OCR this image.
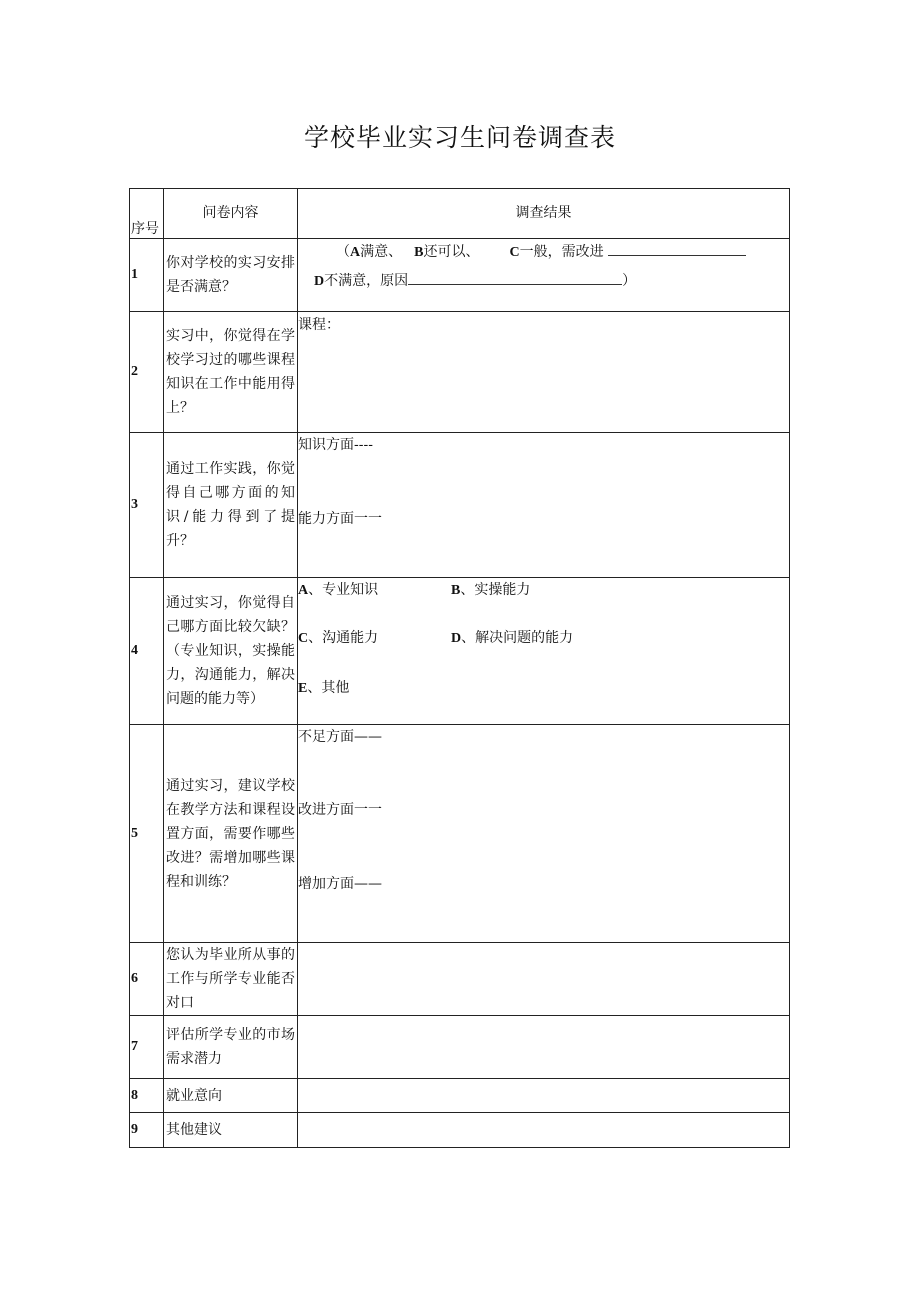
学校毕业实习生问卷调查表
序号	问卷内容	调查结果
1	你对学校的实习安排是否满意？	（A满意、 B还可以、 C一般，需改进
D不满意，原因 ）

2	实习中，你觉得在学校学习过的哪些课程知识在工作中能用得上？	课程：

3	通过工作实践，你觉得自己哪方面的知识/能力得到了提升？	知识方面----
能力方面一一

4	通过实习，你觉得自己哪方面比较欠缺？（专业知识，实操能力，沟通能力，解决问题的能力等）	A、专业知识 B、实操能力
C、沟通能力 D、解决问题的能力
E、其他

5	通过实习，建议学校在教学方法和课程设置方面，需要作哪些改进？需增加哪些课程和训练？	不足方面——
改进方面一一
增加方面——

6	您认为毕业所从事的工作与所学专业能否对口	
7	评估所学专业的市场需求潜力	
8	就业意向	
9	其他建议	
